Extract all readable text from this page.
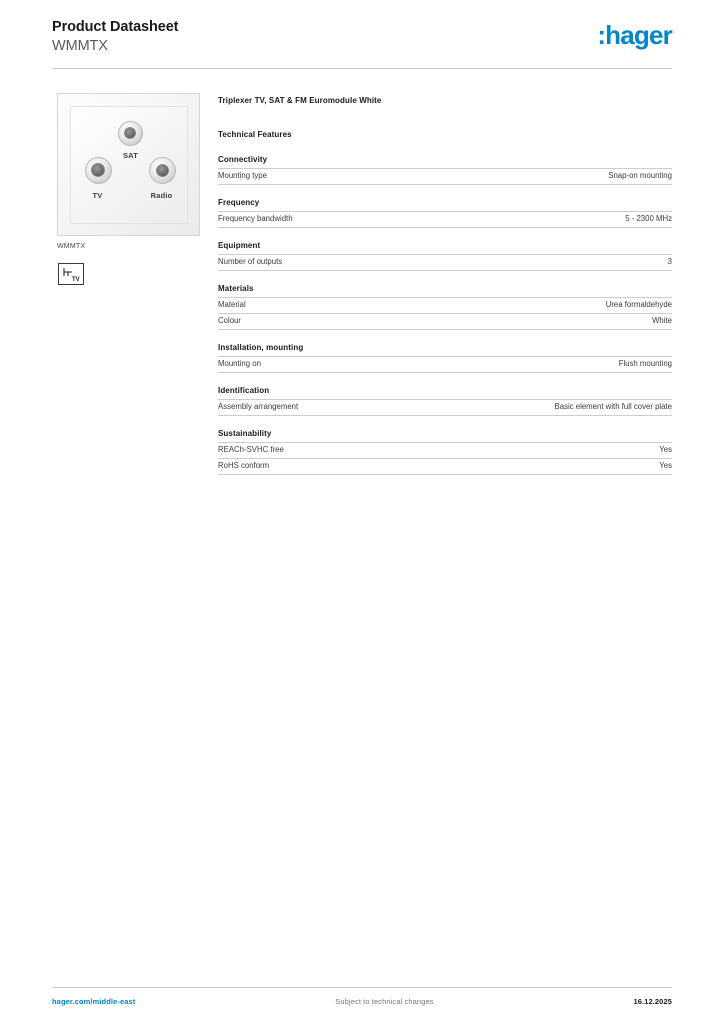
Product Datasheet
WMMTX	:hager
SAT
TV	Radio
WMMTX
TV
Triplexer TV, SAT & FM Euromodule White
Technical Features
Connectivity
Mounting type	Snap-on mounting
Frequency
Frequency bandwidth	5 - 2300 MHz
Equipment
Number of outputs	3
Materials
Material	Urea formaldehyde
Colour	White
Installation, mounting
Mounting on	Flush mounting
Identification
Assembly arrangement	Basic element with full cover plate
Sustainability
REACh-SVHC free	Yes
RoHS conform	Yes
hager.com/middle-east	Subject to technical changes	16.12.2025
